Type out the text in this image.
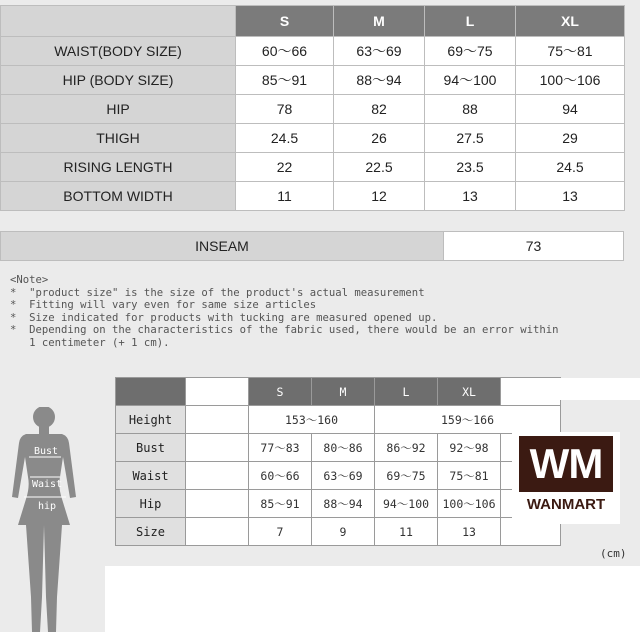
	S	M	L	XL
WAIST(BODY SIZE)	60～66	63～69	69～75	75～81
HIP (BODY SIZE)	85～91	88～94	94～100	100～106
HIP	78	82	88	94
THIGH	24.5	26	27.5	29
RISING LENGTH	22	22.5	23.5	24.5
BOTTOM WIDTH	11	12	13	13
INSEAM	73
<Note>
*  "product size" is the size of the product's actual measurement
*  Fitting will vary even for same size articles
*  Size indicated for products with tucking are measured opened up.
*  Depending on the characteristics of the fabric used, there would be an error within
1 centimeter (+ 1 cm).
		S	M	L	XL	
Height		153～160		159～166		
Bust		77～83	80～86	86～92	92～98	
Waist		60～66	63～69	69～75	75～81	
Hip		85～91	88～94	94～100	100～106	
Size		7	9	11	13	
WM
WANMART
(cm)
Bust
Waist
hip
